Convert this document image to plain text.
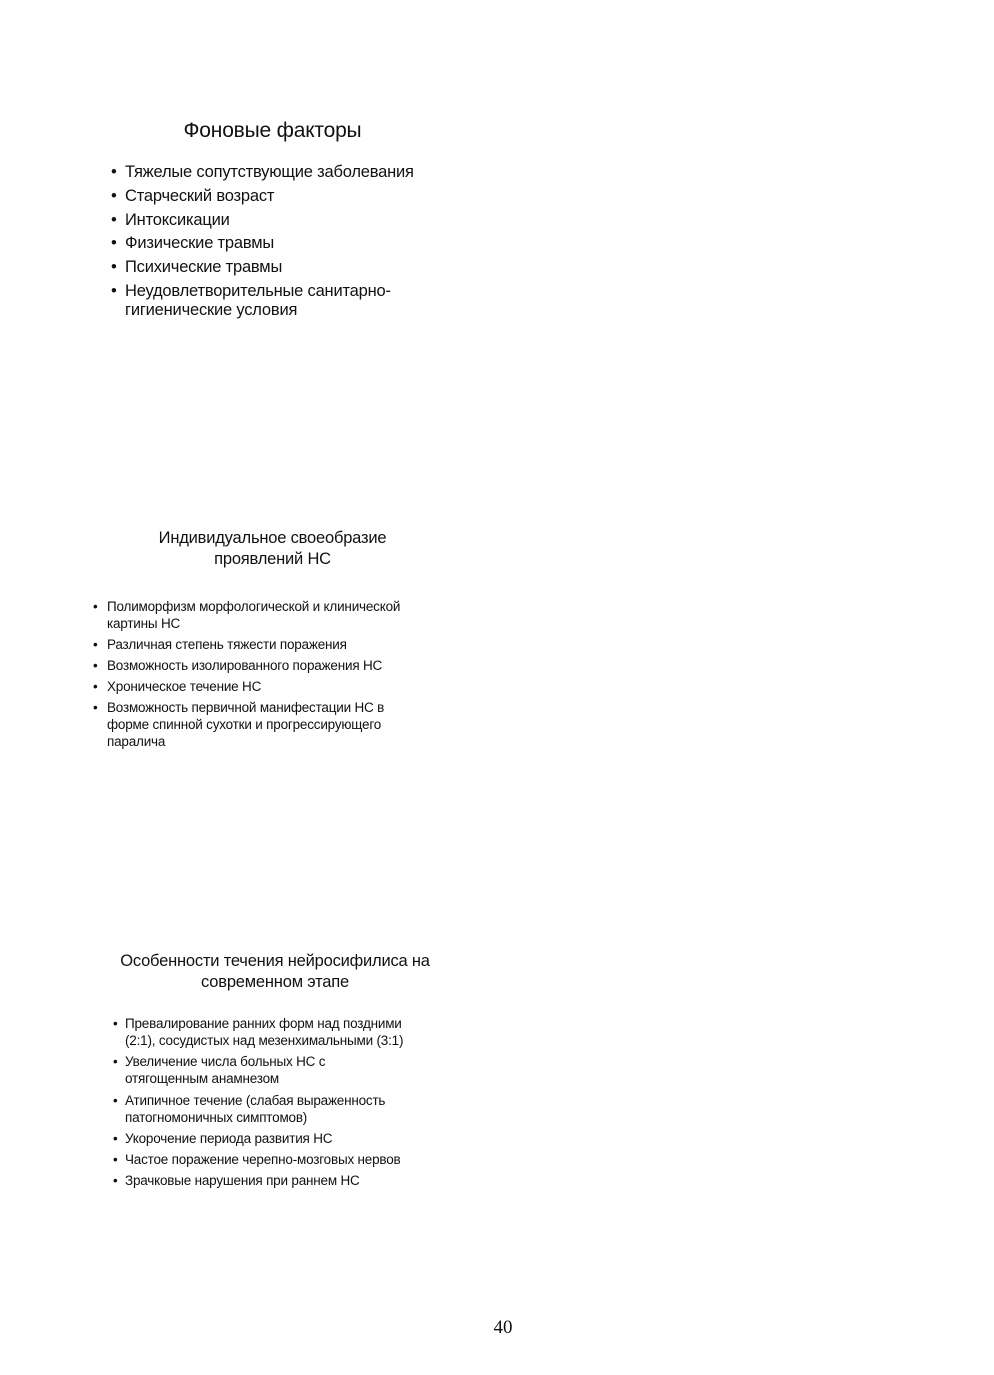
Фоновые факторы
• Тяжелые сопутствующие заболевания
• Старческий возраст
• Интоксикации
• Физические травмы
• Психические травмы
• Неудовлетворительные санитарно-
гигиенические условия
Индивидуальное своеобразие
проявлений НС
• Полиморфизм морфологической и клинической
картины НС
• Различная степень тяжести поражения
• Возможность изолированного поражения НС
• Хроническое течение НС
• Возможность первичной манифестации НС в
форме спинной сухотки и прогрессирующего
паралича
Особенности течения нейросифилиса на
современном этапе
• Превалирование ранних форм над поздними
(2:1), сосудистых над мезенхимальными (3:1)
• Увеличение числа больных НС с
отягощенным анамнезом
• Атипичное течение (слабая выраженность
патогномоничных симптомов)
• Укорочение периода развития НС
• Частое поражение черепно-мозговых нервов
• Зрачковые нарушения при раннем НС
40
